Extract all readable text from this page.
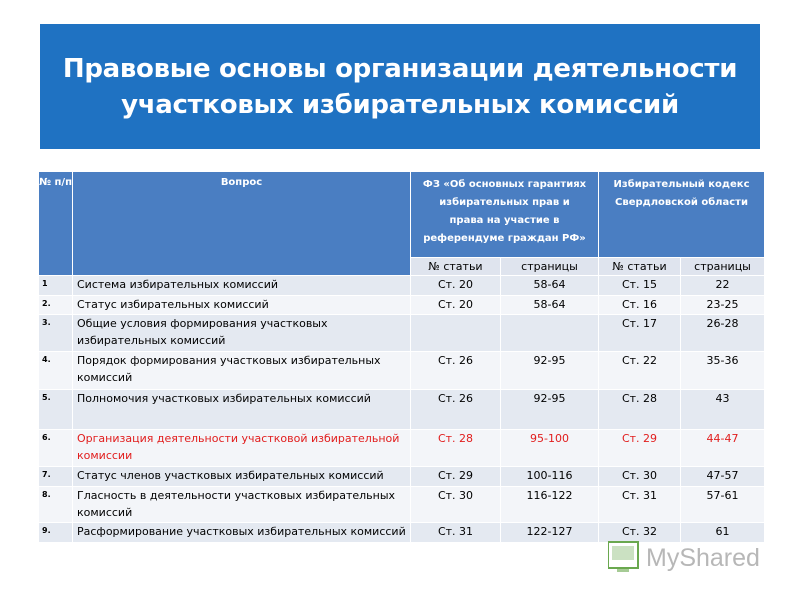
Правовые основы организации деятельности
участковых избирательных комиссий
№ п/п	Вопрос	ФЗ «Об основных гарантиях избирательных прав и права на участие в референдуме граждан РФ»		Избирательный кодекс Свердловской области	
		№ статьи	страницы	№ статьи	страницы
1	Система избирательных комиссий	Ст. 20	58-64	Ст. 15	22
2.	Статус избирательных комиссий	Ст. 20	58-64	Ст. 16	23-25
3.	Общие условия формирования участковых избирательных комиссий			Ст. 17	26-28
4.	Порядок формирования участковых избирательных комиссий	Ст. 26	92-95	Ст. 22	35-36
5.	Полномочия участковых избирательных комиссий	Ст. 26	92-95	Ст. 28	43
6.	Организация деятельности участковой избирательной комиссии	Ст. 28	95-100	Ст. 29	44-47
7.	Статус членов участковых избирательных комиссий	Ст. 29	100-116	Ст. 30	47-57
8.	Гласность в деятельности участковых избирательных комиссий	Ст. 30	116-122	Ст. 31	57-61
9.	Расформирование участковых избирательных комиссий	Ст. 31	122-127	Ст. 32	61
MyShared
